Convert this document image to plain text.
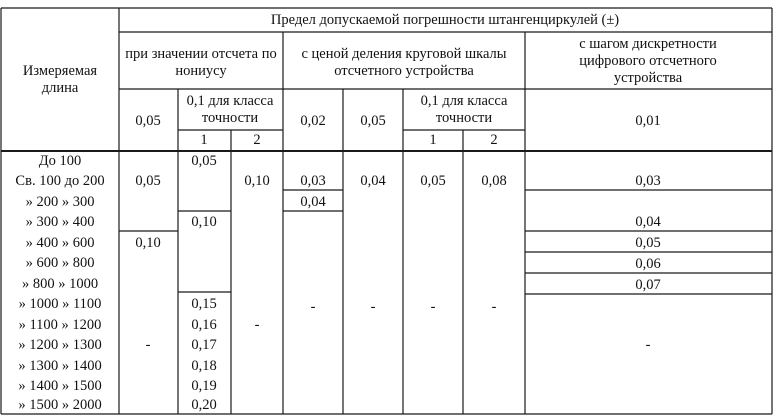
Предел допускаемой погрешности штангенциркулей (±)
Измеряемая длина
при значении отсчета по нониусу
с ценой деления круговой шкалы отсчетного устройства
с шагом дискретности цифрового отсчетного устройства
0,05
0,1 для класса точности
1	2
0,02 0,05
0,1 для класса точности
1	2
0,01
До 100
Св. 100 до 200
» 200 » 300
» 300 » 400
» 400 » 600
» 600 » 800
» 800 » 1000
» 1000 » 1100
» 1100 » 1200
» 1200 » 1300
» 1300 » 1400
» 1400 » 1500
» 1500 » 2000
0,05
0,10
-
0,05
0,10
0,15
0,16
0,17
0,18
0,19
0,20
0,10
-
0,03
0,04
-
0,04
-
0,05
-
0,08
-
0,03
0,04
0,05
0,06
0,07
-
